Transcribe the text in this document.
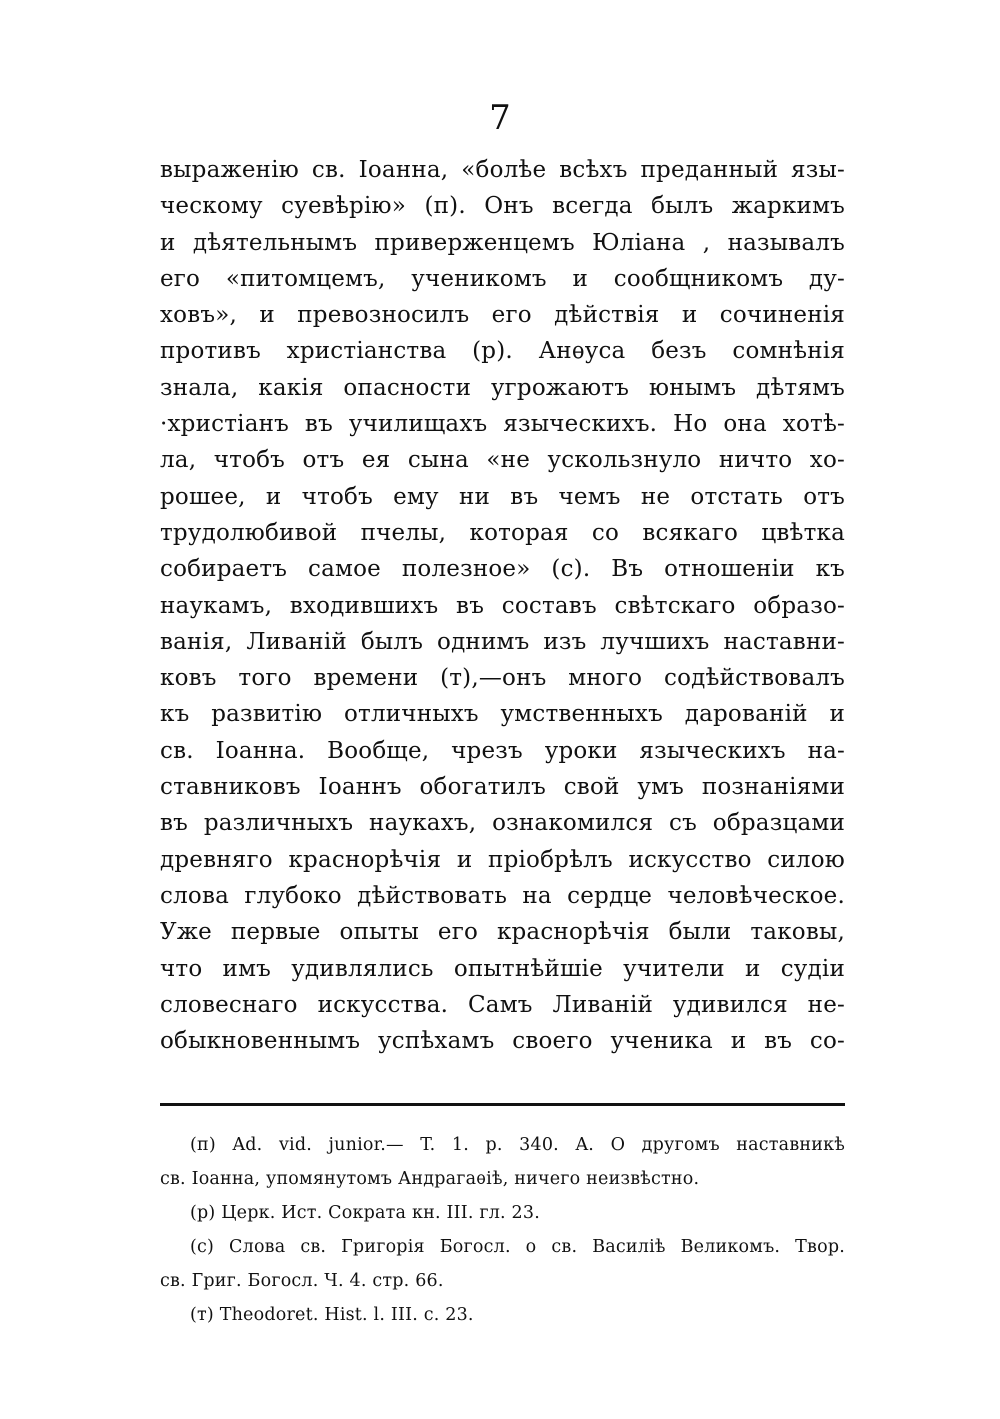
7
выраженію св. Іоанна, «болѣе всѣхъ преданный язы-
ческому суевѣрію» (п). Онъ всегда былъ жаркимъ
и дѣятельнымъ приверженцемъ Юліана , называлъ
его «питомцемъ, ученикомъ и сообщникомъ ду-
ховъ», и превозносилъ его дѣйствія и сочиненія
противъ христіанства (р). Анѳуса безъ сомнѣнія
знала, какія опасности угрожаютъ юнымъ дѣтямъ
·христіанъ въ училищахъ языческихъ. Но она хотѣ-
ла, чтобъ отъ ея сына «не ускользнуло ничто хо-
рошее, и чтобъ ему ни въ чемъ не отстать отъ
трудолюбивой пчелы, которая со всякаго цвѣтка
собираетъ самое полезное» (с). Въ отношеніи къ
наукамъ, входившихъ въ составъ свѣтскаго образо-
ванія, Ливаній былъ однимъ изъ лучшихъ наставни-
ковъ того времени (т),—онъ много содѣйствовалъ
къ развитію отличныхъ умственныхъ дарованій и
св. Іоанна. Вообще, чрезъ уроки языческихъ на-
ставниковъ Іоаннъ обогатилъ свой умъ познаніями
въ различныхъ наукахъ, ознакомился съ образцами
древняго краснорѣчія и пріобрѣлъ искусство силою
слова глубоко дѣйствовать на сердце человѣческое.
Уже первые опыты его краснорѣчія были таковы,
что имъ удивлялись опытнѣйшіе учители и судіи
словеснаго искусства. Самъ Ливаній удивился не-
обыкновеннымъ успѣхамъ своего ученика и въ со-
(п) Ad. vid. junior.— T. 1. p. 340. A. О другомъ наставникѣ
св. Іоанна, упомянутомъ Андрагаѳіѣ, ничего неизвѣстно.
(р) Церк. Ист. Сократа кн. III. гл. 23.
(с) Слова св. Григорія Богосл. о св. Василіѣ Великомъ. Твор.
св. Григ. Богосл. Ч. 4. стр. 66.
(т) Theodoret. Hist. l. III. c. 23.
